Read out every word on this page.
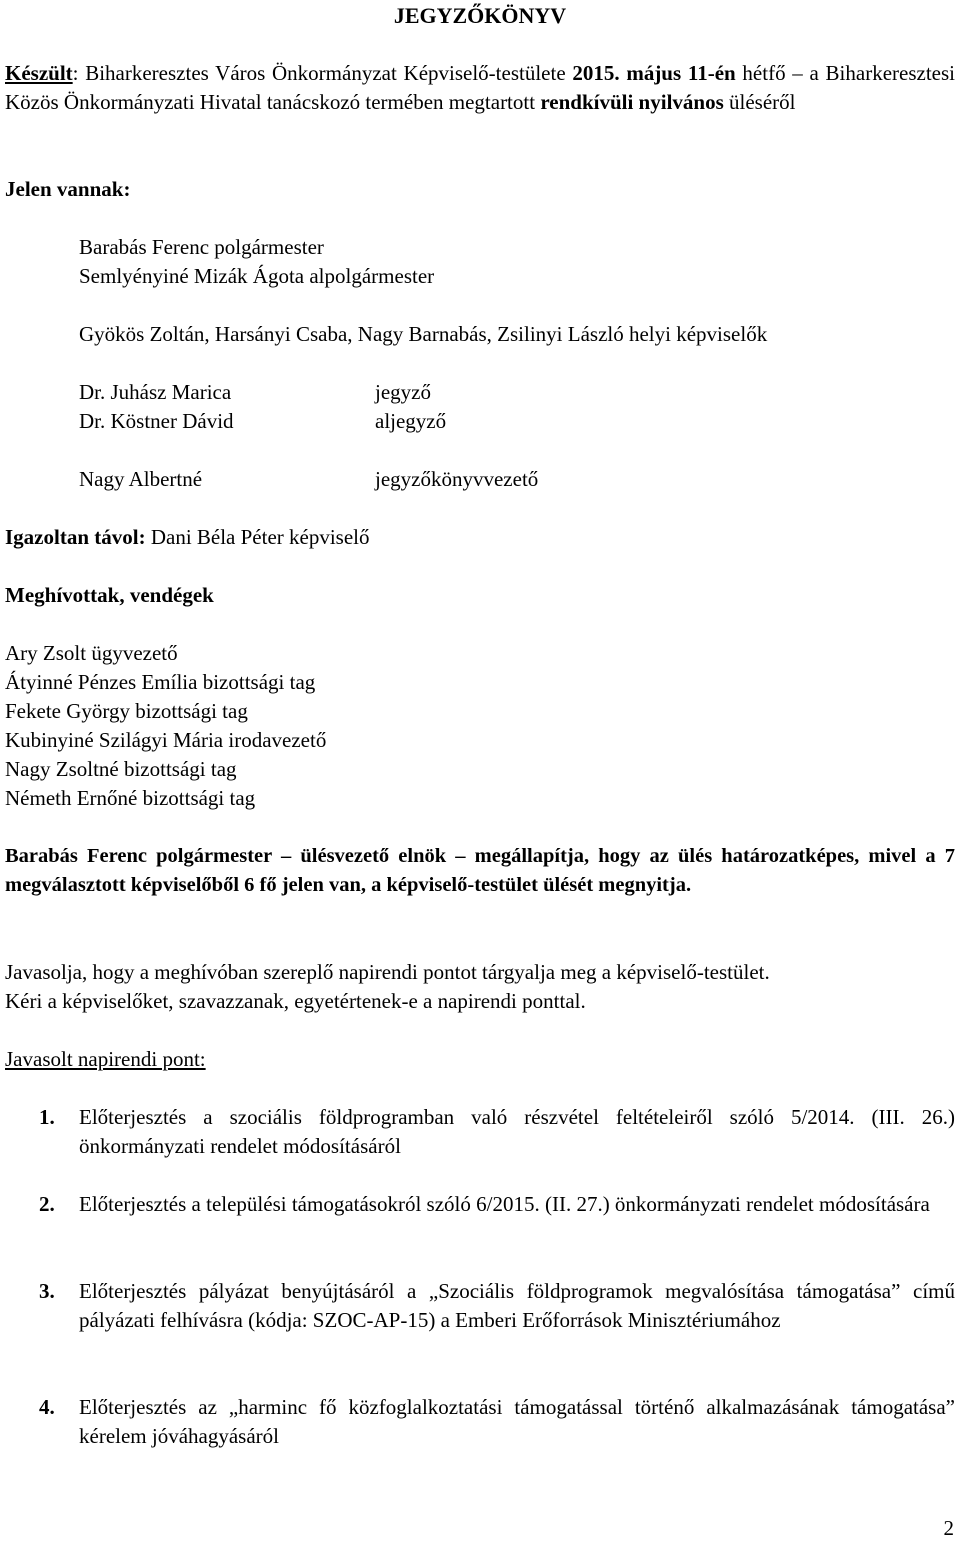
JEGYZŐKÖNYV

Készült: Biharkeresztes Város Önkormányzat Képviselő-testülete 2015. május 11-én hétfő – a Biharkeresztesi Közös Önkormányzati Hivatal tanácskozó termében megtartott rendkívüli nyilvános üléséről

Jelen vannak:

Barabás Ferenc polgármester

Semlyényiné Mizák Ágota alpolgármester

Gyökös Zoltán, Harsányi Csaba, Nagy Barnabás, Zsilinyi László helyi képviselők

Dr. Juhász Marica	jegyző

Dr. Köstner Dávid	aljegyző

Nagy Albertné	jegyzőkönyvvezető

Igazoltan távol: Dani Béla Péter képviselő

Meghívottak, vendégek

Ary Zsolt ügyvezető

Átyinné Pénzes Emília bizottsági tag

Fekete György bizottsági tag

Kubinyiné Szilágyi Mária irodavezető

Nagy Zsoltné bizottsági tag

Németh Ernőné bizottsági tag

Barabás Ferenc polgármester – ülésvezető elnök – megállapítja, hogy az ülés határozatképes, mivel a 7 megválasztott képviselőből 6 fő jelen van, a képviselő-testület ülését megnyitja.

Javasolja, hogy a meghívóban szereplő napirendi pontot tárgyalja meg a képviselő-testület.

Kéri a képviselőket, szavazzanak, egyetértenek-e a napirendi ponttal.

Javasolt napirendi pont:

1. Előterjesztés a szociális földprogramban való részvétel feltételeiről szóló 5/2014. (III. 26.) önkormányzati rendelet módosításáról
2. Előterjesztés a települési támogatásokról szóló 6/2015. (II. 27.) önkormányzati rendelet módosítására
3. Előterjesztés pályázat benyújtásáról a „Szociális földprogramok megvalósítása támogatása” című pályázati felhívásra (kódja: SZOC-AP-15) a Emberi Erőforrások Minisztériumához
4. Előterjesztés az „harminc fő közfoglalkoztatási támogatással történő alkalmazásának támogatása” kérelem jóváhagyásáról

2
